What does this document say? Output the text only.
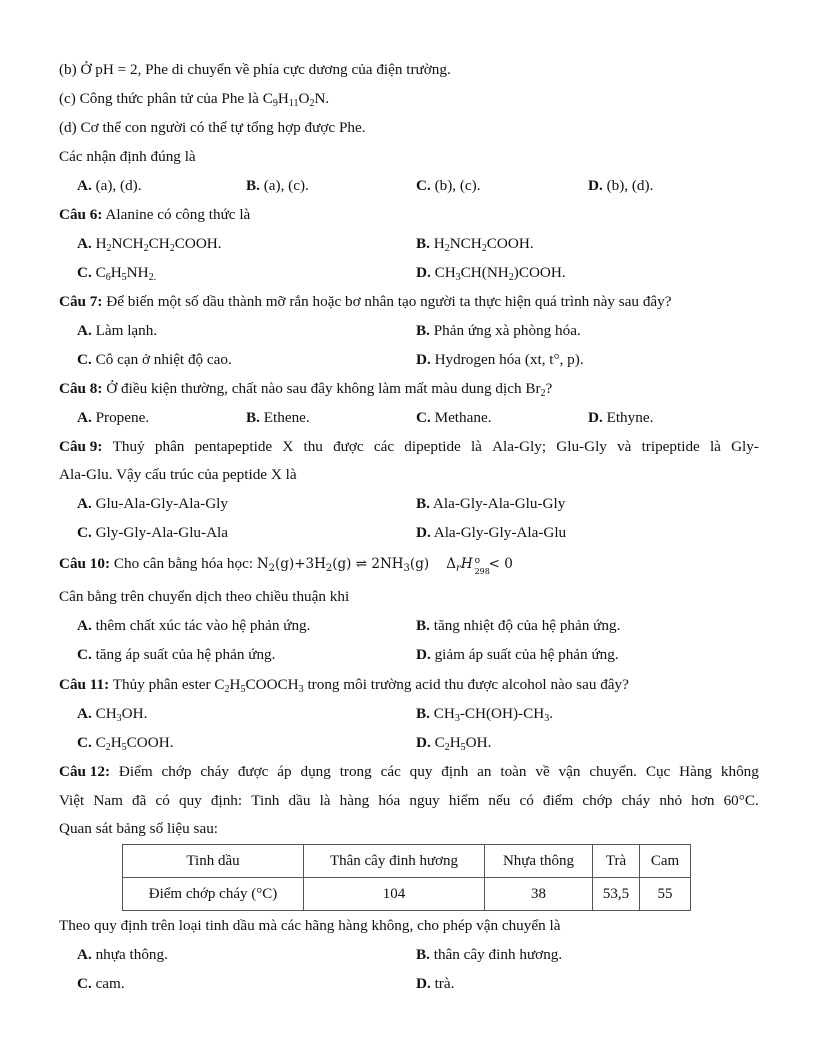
(b) Ở pH = 2, Phe di chuyển về phía cực dương của điện trường.
(c) Công thức phân tử của Phe là $C_9H_{11}O_2N$.
(d) Cơ thể con người có thể tự tổng hợp được Phe.
Các nhận định đúng là
A. (a), (d).	B. (a), (c).	C. (b), (c).	D. (b), (d).
Câu 6: Alanine có công thức là
A. $H_2NCH_2CH_2COOH$.	B. $H_2NCH_2COOH$.
C. $C_6H_5NH_{2.}$	D. $CH_3CH(NH_2)COOH$.
Câu 7: Để biến một số dầu thành mỡ rắn hoặc bơ nhân tạo người ta thực hiện quá trình này sau đây?
A. Làm lạnh.	B. Phản ứng xà phòng hóa.
C. Cô cạn ở nhiệt độ cao.	D. Hydrogen hóa (xt, t°, p).
Câu 8: Ở điều kiện thường, chất nào sau đây không làm mất màu dung dịch $Br_2$?
A. Propene.	B. Ethene.	C. Methane.	D. Ethyne.
Câu 9: Thuỷ phân pentapeptide X thu được các dipeptide là Ala-Gly; Glu-Gly và tripeptide là Gly-
Ala-Glu. Vậy cấu trúc của peptide X là
A. Glu-Ala-Gly-Ala-Gly	B. Ala-Gly-Ala-Glu-Gly
C. Gly-Gly-Ala-Glu-Ala	D. Ala-Gly-Gly-Ala-Glu
Câu 10: Cho cân bằng hóa học: $N_2(g)+3H_2(g)$ ⇌ $2NH_3(g)$ $\Delta_rH$ o
298
< 0
Cân bằng trên chuyển dịch theo chiều thuận khi
A. thêm chất xúc tác vào hệ phản ứng.	B. tăng nhiệt độ của hệ phản ứng.
C. tăng áp suất của hệ phản ứng.	D. giảm áp suất của hệ phản ứng.
Câu 11: Thủy phân ester $C_2H_5COOCH_3$ trong môi trường acid thu được alcohol nào sau đây?
A. $CH_3OH$.	B. $CH_3-CH(OH)-CH_3$.
C. $C_2H_5COOH$.	D. $C_2H_5OH$.
Câu 12: Điểm chớp cháy được áp dụng trong các quy định an toàn về vận chuyển. Cục Hàng không
Việt Nam đã có quy định: Tinh dầu là hàng hóa nguy hiểm nếu có điểm chớp cháy nhỏ hơn 60°C.
Quan sát bảng số liệu sau:
Tinh dầu	Thân cây đinh hương	Nhựa thông	Trà	Cam
Điểm chớp cháy (°C)	104	38	53,5	55
Theo quy định trên loại tinh dầu mà các hãng hàng không, cho phép vận chuyển là
A. nhựa thông.	B. thân cây đinh hương.
C. cam.	D. trà.
